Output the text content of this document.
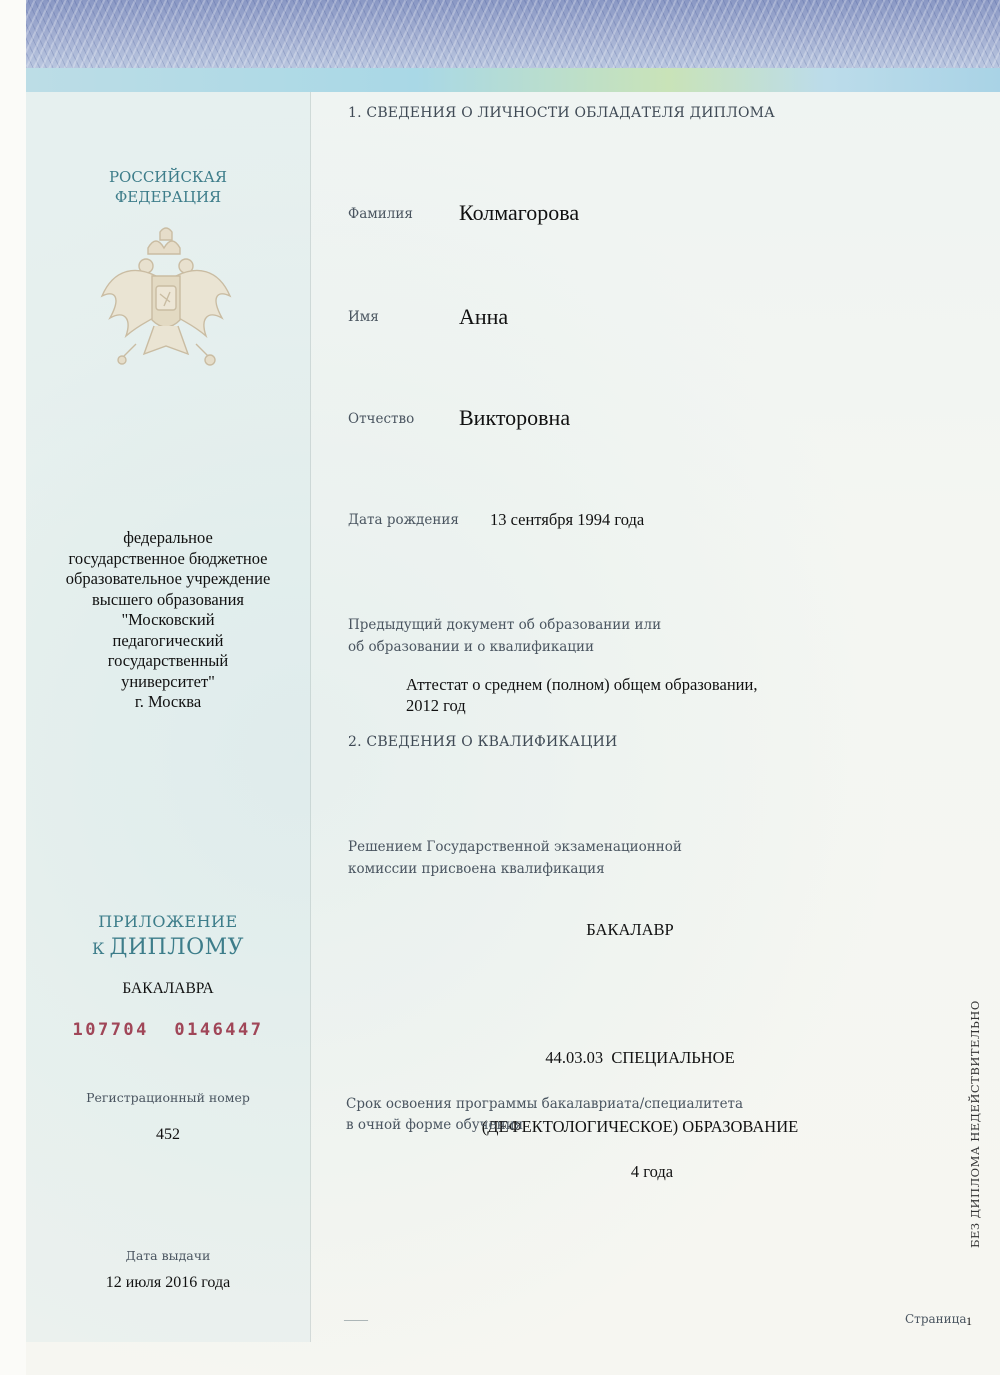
РОССИЙСКАЯ
ФЕДЕРАЦИЯ
федеральное
государственное бюджетное
образовательное учреждение
высшего образования
"Московский
педагогический
государственный
университет"
г. Москва
ПРИЛОЖЕНИЕ
К ДИПЛОМУ
БАКАЛАВРА
107704  0146447
Регистрационный номер
452
Дата выдачи
12 июля 2016 года
1. СВЕДЕНИЯ О ЛИЧНОСТИ ОБЛАДАТЕЛЯ ДИПЛОМА
Фамилия Колмагорова
Имя	Анна
Отчество Викторовна
Дата рождения 13 сентября 1994 года
Предыдущий документ об образовании или
об образовании и о квалификации
Аттестат о среднем (полном) общем образовании,
2012 год
2. СВЕДЕНИЯ О КВАЛИФИКАЦИИ
Решением Государственной экзаменационной
комиссии присвоена квалификация
БАКАЛАВР

44.03.03  СПЕЦИАЛЬНОЕ

(ДЕФЕКТОЛОГИЧЕСКОЕ) ОБРАЗОВАНИЕ

Срок освоения программы бакалавриата/специалитета
в очной форме обучения
4 года
——	Страница 1
БЕЗ ДИПЛОМА НЕДЕЙСТВИТЕЛЬНО
